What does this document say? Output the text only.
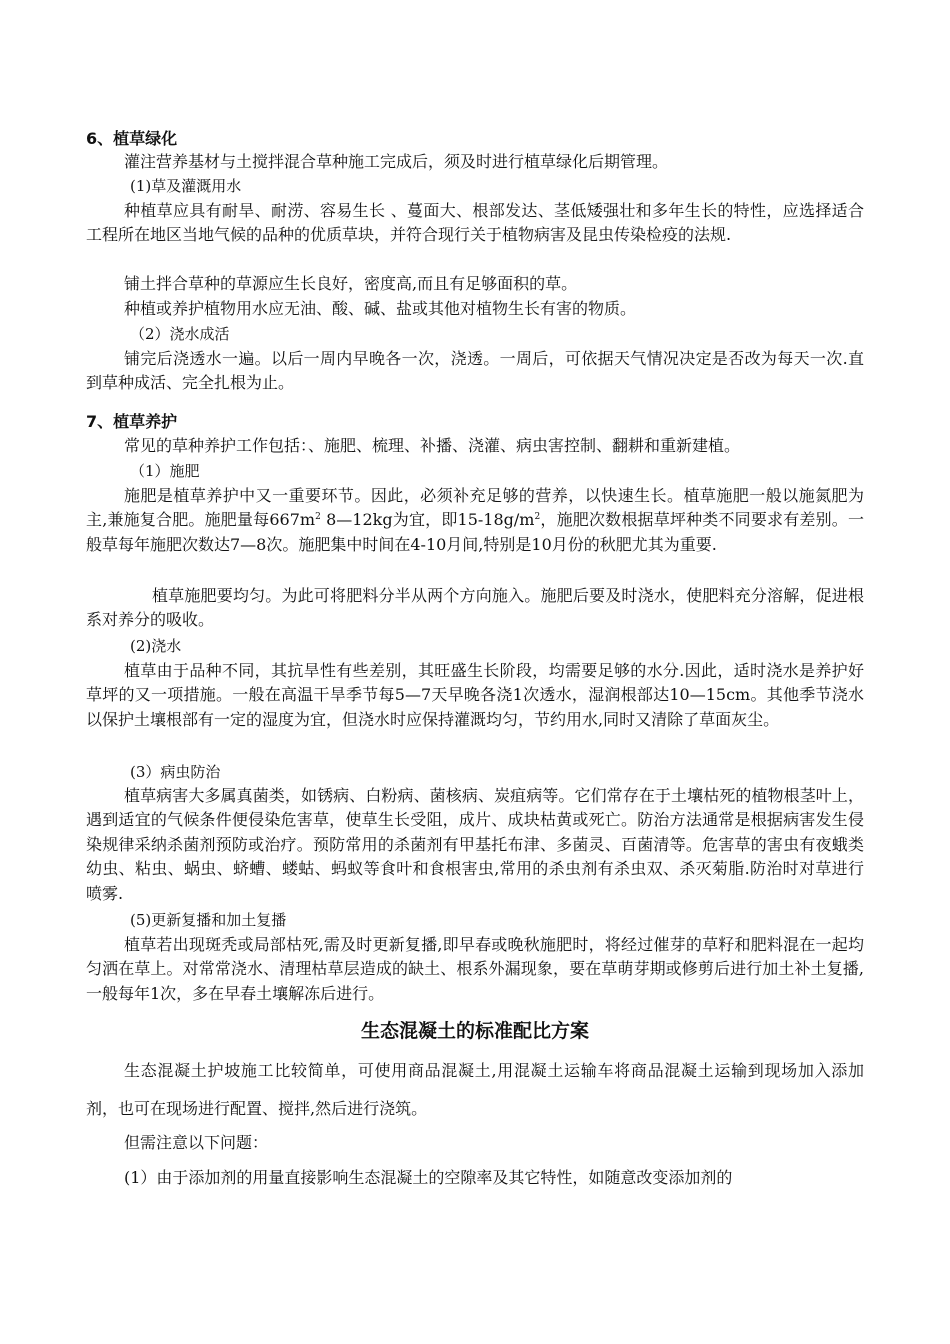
6、植草绿化
灌注营养基材与土搅拌混合草种施工完成后，须及时进行植草绿化后期管理。
(1)草及灌溉用水
种植草应具有耐旱、耐涝、容易生长 、蔓面大、根部发达、茎低矮强壮和多年生长的特性，应选择适合工程所在地区当地气候的品种的优质草块，并符合现行关于植物病害及昆虫传染检疫的法规.
铺土拌合草种的草源应生长良好，密度高,而且有足够面积的草。
种植或养护植物用水应无油、酸、碱、盐或其他对植物生长有害的物质。
（2）浇水成活
铺完后浇透水一遍。以后一周内早晚各一次，浇透。一周后，可依据天气情况决定是否改为每天一次.直到草种成活、完全扎根为止。
7、植草养护
常见的草种养护工作包括：、施肥、梳理、补播、浇灌、病虫害控制、翻耕和重新建植。
（1）施肥
施肥是植草养护中又一重要环节。因此，必须补充足够的营养，以快速生长。植草施肥一般以施氮肥为主,兼施复合肥。施肥量每$667m^2$ 8—12kg为宜，即$15-18g/m^2$，施肥次数根据草坪种类不同要求有差别。一般草每年施肥次数达7—8次。施肥集中时间在4-10月间,特别是10月份的秋肥尤其为重要.
植草施肥要均匀。为此可将肥料分半从两个方向施入。施肥后要及时浇水，使肥料充分溶解，促进根系对养分的吸收。
(2)浇水
植草由于品种不同，其抗旱性有些差别，其旺盛生长阶段，均需要足够的水分.因此，适时浇水是养护好草坪的又一项措施。一般在高温干旱季节每5—7天早晚各浇1次透水，湿润根部达10—15cm。其他季节浇水以保护土壤根部有一定的湿度为宜，但浇水时应保持灌溉均匀，节约用水,同时又清除了草面灰尘。
(3）病虫防治
植草病害大多属真菌类，如锈病、白粉病、菌核病、炭疽病等。它们常存在于土壤枯死的植物根茎叶上，遇到适宜的气候条件便侵染危害草，使草生长受阻，成片、成块枯黄或死亡。防治方法通常是根据病害发生侵染规律采纳杀菌剂预防或治疗。预防常用的杀菌剂有甲基托布津、多菌灵、百菌清等。危害草的害虫有夜蛾类幼虫、粘虫、蜗虫、蛴螬、蝼蛄、蚂蚁等食叶和食根害虫,常用的杀虫剂有杀虫双、杀灭菊脂.防治时对草进行喷雾.
(5)更新复播和加土复播
植草若出现斑秃或局部枯死,需及时更新复播,即早春或晚秋施肥时，将经过催芽的草籽和肥料混在一起均匀洒在草上。对常常浇水、清理枯草层造成的缺土、根系外漏现象，要在草萌芽期或修剪后进行加土补土复播,一般每年1次，多在早春土壤解冻后进行。
生态混凝土的标准配比方案
生态混凝土护坡施工比较简单，可使用商品混凝土,用混凝土运输车将商品混凝土运输到现场加入添加剂，也可在现场进行配置、搅拌,然后进行浇筑。
但需注意以下问题：
(1）由于添加剂的用量直接影响生态混凝土的空隙率及其它特性，如随意改变添加剂的
